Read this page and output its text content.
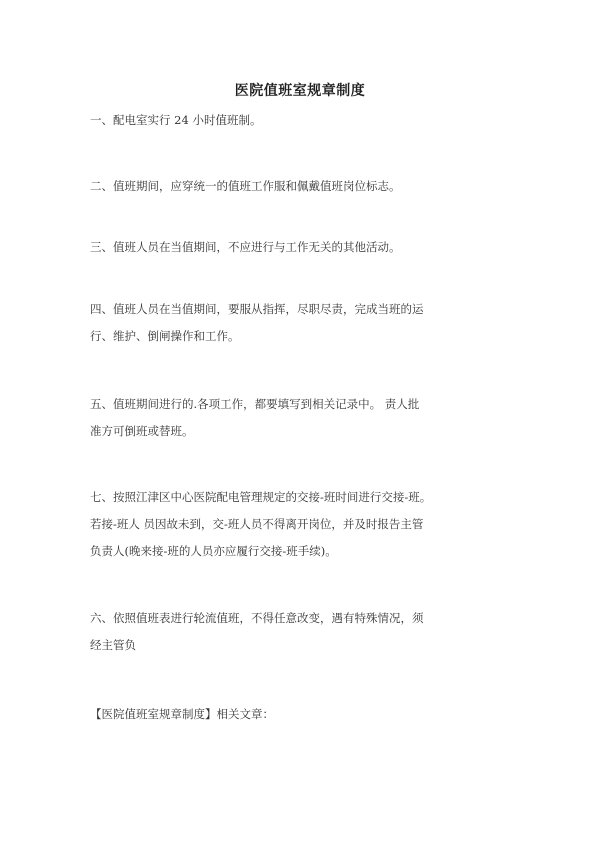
医院值班室规章制度

一、配电室实行 24 小时值班制。

二、值班期间，应穿统一的值班工作服和佩戴值班岗位标志。

三、值班人员在当值期间，不应进行与工作无关的其他活动。

四、值班人员在当值期间，要服从指挥，尽职尽责，完成当班的运
行、维护、倒闸操作和工作。

五、值班期间进行的.各项工作，都要填写到相关记录中。 责人批
准方可倒班或替班。

七、按照江津区中心医院配电管理规定的交接-班时间进行交接-班。
若接-班人 员因故未到，交-班人员不得离开岗位，并及时报告主管
负责人(晚来接-班的人员亦应履行交接-班手续)。

六、依照值班表进行轮流值班，不得任意改变，遇有特殊情况，须
经主管负

【医院值班室规章制度】相关文章：
